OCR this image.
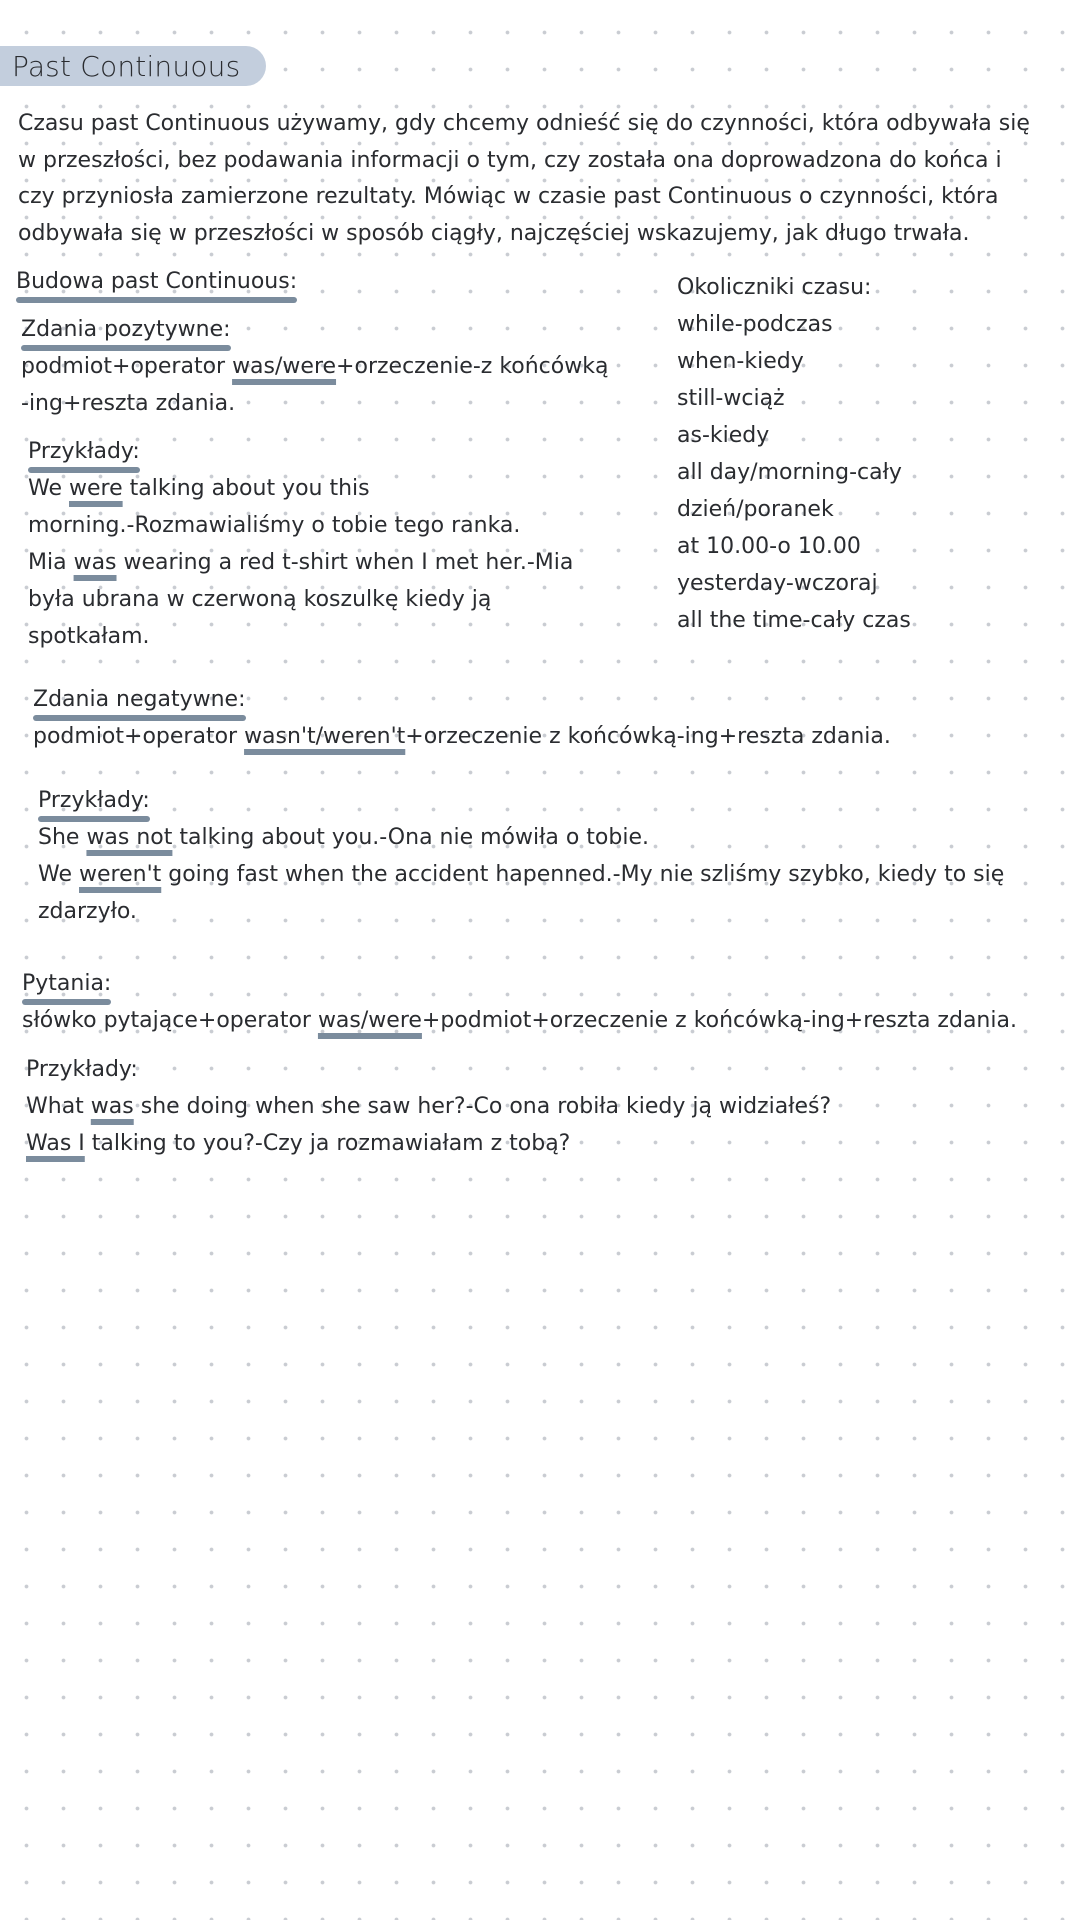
Past Continuous
Czasu past Continuous używamy, gdy chcemy odnieść się do czynności, która odbywała się
w przeszłości, bez podawania informacji o tym, czy została ona doprowadzona do końca i
czy przyniosła zamierzone rezultaty. Mówiąc w czasie past Continuous o czynności, która
odbywała się w przeszłości w sposób ciągły, najczęściej wskazujemy, jak długo trwała.
Budowa past Continuous:
Zdania pozytywne:
podmiot+operator was/were+orzeczenie-z końcówką
-ing+reszta zdania.
Przykłady:
We were talking about you this
morning.-Rozmawialiśmy o tobie tego ranka.
Mia was wearing a red t-shirt when I met her.-Mia
była ubrana w czerwoną koszulkę kiedy ją
spotkałam.
Okoliczniki czasu:
while-podczas
when-kiedy
still-wciąż
as-kiedy
all day/morning-cały
dzień/poranek
at 10.00-o 10.00
yesterday-wczoraj
all the time-cały czas
Zdania negatywne:
podmiot+operator wasn't/weren't+orzeczenie z końcówką-ing+reszta zdania.
Przykłady:
She was not talking about you.-Ona nie mówiła o tobie.
We weren't going fast when the accident hapenned.-My nie szliśmy szybko, kiedy to się
zdarzyło.
Pytania:
słówko pytające+operator was/were+podmiot+orzeczenie z końcówką-ing+reszta zdania.
Przykłady:
What was she doing when she saw her?-Co ona robiła kiedy ją widziałeś?
Was I talking to you?-Czy ja rozmawiałam z tobą?
